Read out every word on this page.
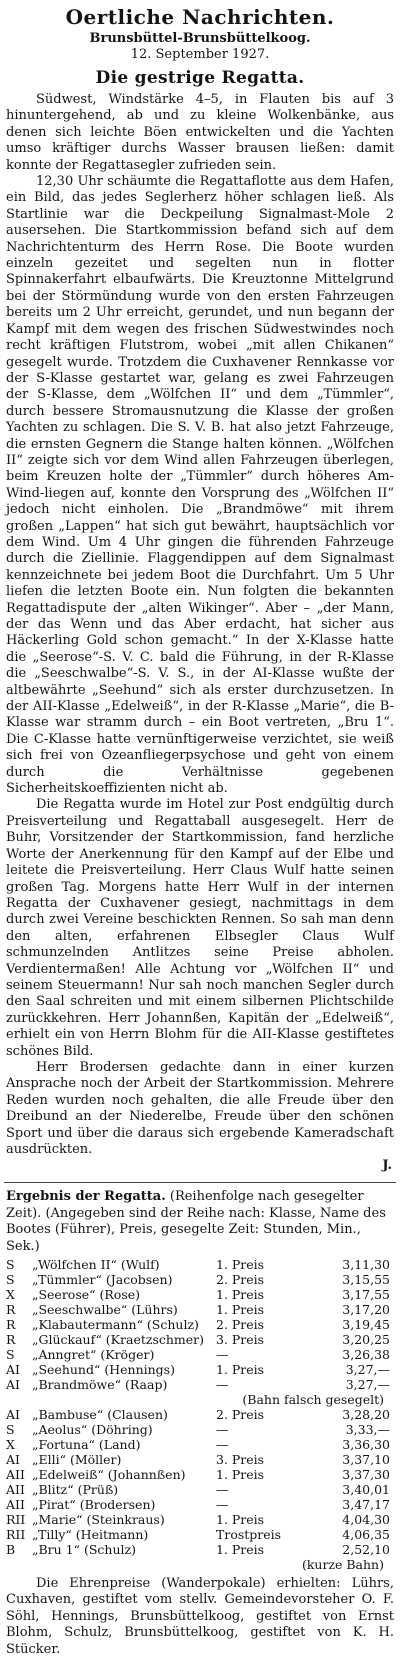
Oertliche Nachrichten.
Brunsbüttel-Brunsbüttelkoog.
12. September 1927.
Die gestrige Regatta.
Südwest, Windstärke 4–5, in Flauten bis auf 3 hinuntergehend, ab und zu kleine Wolkenbänke, aus denen sich leichte Böen entwickelten und die Yachten umso kräftiger durchs Wasser brausen ließen: damit konnte der Regattasegler zufrieden sein.
12,30 Uhr schäumte die Regattaflotte aus dem Hafen, ein Bild, das jedes Seglerherz höher schlagen ließ. Als Startlinie war die Deckpeilung Signalmast-Mole 2 ausersehen. Die Startkommission befand sich auf dem Nachrichtenturm des Herrn Rose. Die Boote wurden einzeln gezeitet und segelten nun in flotter Spinnakerfahrt elbaufwärts. Die Kreuztonne Mittelgrund bei der Störmündung wurde von den ersten Fahrzeugen bereits um 2 Uhr erreicht, gerundet, und nun begann der Kampf mit dem wegen des frischen Südwestwindes noch recht kräftigen Flutstrom, wobei „mit allen Chikanen“ gesegelt wurde. Trotzdem die Cuxhavener Rennkasse vor der S-Klasse gestartet war, gelang es zwei Fahrzeugen der S-Klasse, dem „Wölfchen II“ und dem „Tümmler“, durch bessere Stromausnutzung die Klasse der großen Yachten zu schlagen. Die S. V. B. hat also jetzt Fahrzeuge, die ernsten Gegnern die Stange halten können. „Wölfchen II“ zeigte sich vor dem Wind allen Fahrzeugen überlegen, beim Kreuzen holte der „Tümmler“ durch höheres Am-Wind-liegen auf, konnte den Vorsprung des „Wölfchen II“ jedoch nicht einholen. Die „Brandmöwe“ mit ihrem großen „Lappen“ hat sich gut bewährt, hauptsächlich vor dem Wind. Um 4 Uhr gingen die führenden Fahrzeuge durch die Ziellinie. Flaggendippen auf dem Signalmast kennzeichnete bei jedem Boot die Durchfahrt. Um 5 Uhr liefen die letzten Boote ein. Nun folgten die bekannten Regattadispute der „alten Wikinger“. Aber – „der Mann, der das Wenn und das Aber erdacht, hat sicher aus Häckerling Gold schon gemacht.“ In der X-Klasse hatte die „Seerose“-S. V. C. bald die Führung, in der R-Klasse die „Seeschwalbe“-S. V. S., in der AI-Klasse wußte der altbewährte „Seehund“ sich als erster durchzusetzen. In der AII-Klasse „Edelweiß“, in der R-Klasse „Marie“, die B-Klasse war stramm durch – ein Boot vertreten, „Bru 1“. Die C-Klasse hatte vernünftigerweise verzichtet, sie weiß sich frei von Ozeanfliegerpsychose und geht von einem durch die Verhältnisse gegebenen Sicherheitskoeffizienten nicht ab.
Die Regatta wurde im Hotel zur Post endgültig durch Preisverteilung und Regattaball ausgesegelt. Herr de Buhr, Vorsitzender der Startkommission, fand herzliche Worte der Anerkennung für den Kampf auf der Elbe und leitete die Preisverteilung. Herr Claus Wulf hatte seinen großen Tag. Morgens hatte Herr Wulf in der internen Regatta der Cuxhavener gesiegt, nachmittags in dem durch zwei Vereine beschickten Rennen. So sah man denn den alten, erfahrenen Elbsegler Claus Wulf schmunzelnden Antlitzes seine Preise abholen. Verdientermaßen! Alle Achtung vor „Wölfchen II“ und seinem Steuermann! Nur sah noch manchen Segler durch den Saal schreiten und mit einem silbernen Plichtschilde zurückkehren. Herr Johannßen, Kapitän der „Edelweiß“, erhielt ein von Herrn Blohm für die AII-Klasse gestiftetes schönes Bild.
Herr Brodersen gedachte dann in einer kurzen Ansprache noch der Arbeit der Startkommission. Mehrere Reden wurden noch gehalten, die alle Freude über den Dreibund an der Niederelbe, Freude über den schönen Sport und über die daraus sich ergebende Kameradschaft ausdrückten.
J.
Ergebnis der Regatta. (Reihenfolge nach gesegelter Zeit). (Angegeben sind der Reihe nach: Klasse, Name des Bootes (Führer), Preis, gesegelte Zeit: Stunden, Min., Sek.)
S „Wölfchen II“ (Wulf)	1. Preis	3,11,30
S „Tümmler“ (Jacobsen)	2. Preis	3,15,55
X „Seerose“ (Rose)	1. Preis	3,17,55
R „Seeschwalbe“ (Lührs)	1. Preis	3,17,20
R „Klabautermann“ (Schulz) 2. Preis	3,19,45
R „Glückauf“ (Kraetzschmer) 3. Preis	3,20,25
S „Anngret“ (Kröger)	—	3,26,38
AI „Seehund“ (Hennings)	1. Preis	3,27,—
AI „Brandmöwe“ (Raap)	—	3,27,—
(Bahn falsch gesegelt)
AI „Bambuse“ (Clausen)	2. Preis	3,28,20
S „Aeolus“ (Döhring)	—	3,33,—
X „Fortuna“ (Land)	—	3,36,30
AI „Elli“ (Möller)	3. Preis	3,37,10
AII „Edelweiß“ (Johannßen) 1. Preis	3,37,30
AII „Blitz“ (Prüß)	—	3,40,01
AII „Pirat“ (Brodersen)	—	3,47,17
RII „Marie“ (Steinkraus)	1. Preis	4,04,30
RII „Tilly“ (Heitmann)	Trostpreis	4,06,35
B „Bru 1“ (Schulz)	1. Preis	2,52,10
(kurze Bahn)
Die Ehrenpreise (Wanderpokale) erhielten: Lührs, Cuxhaven, gestiftet vom stellv. Gemeindevorsteher O. F. Söhl, Hennings, Brunsbüttelkoog, gestiftet von Ernst Blohm, Schulz, Brunsbüttelkoog, gestiftet von K. H. Stücker.
